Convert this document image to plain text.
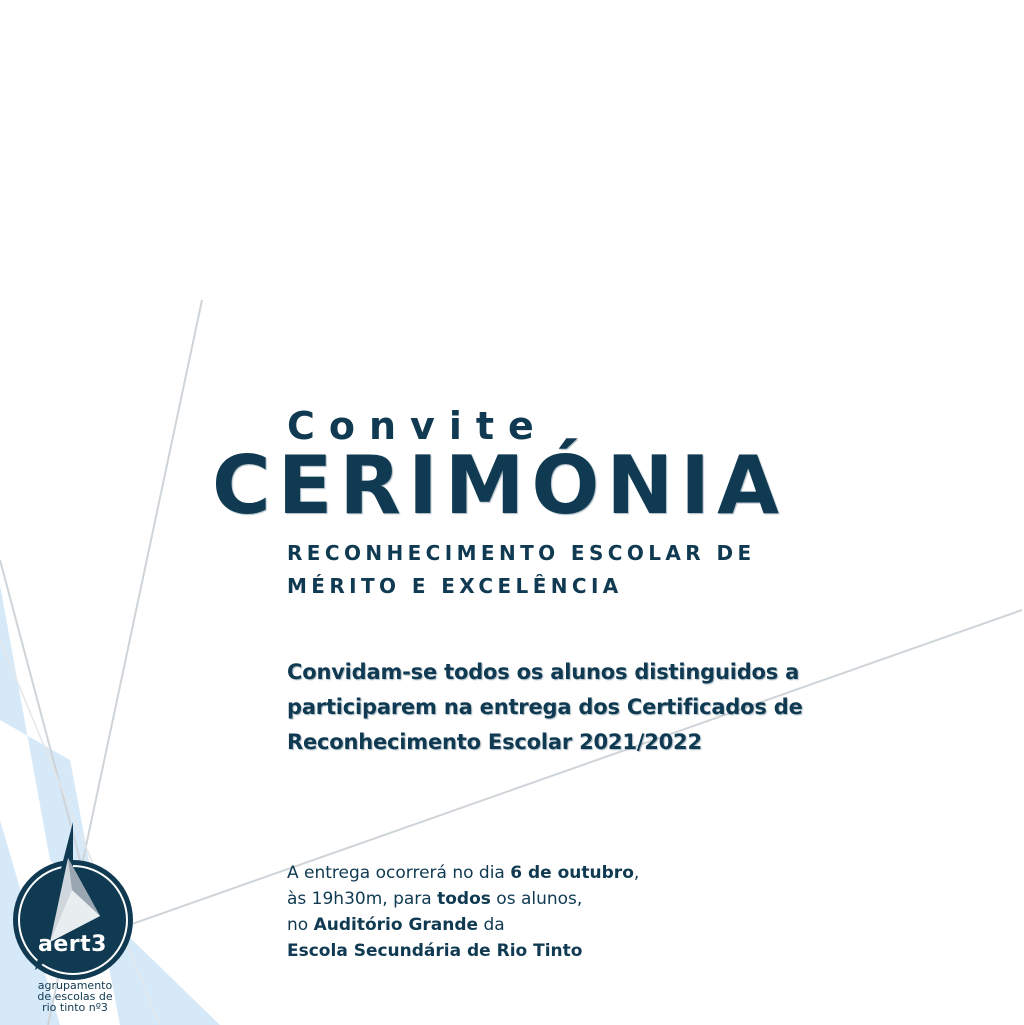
aert3
agrupamento
de escolas de
rio tinto nº3
Convite
CERIMÓNIA
RECONHECIMENTO ESCOLAR DE
MÉRITO E EXCELÊNCIA
Convidam-se todos os alunos distinguidos a
participarem na entrega dos Certificados de
Reconhecimento Escolar 2021/2022
A entrega ocorrerá no dia 6 de outubro,
às 19h30m, para todos os alunos,
no Auditório Grande da
Escola Secundária de Rio Tinto
